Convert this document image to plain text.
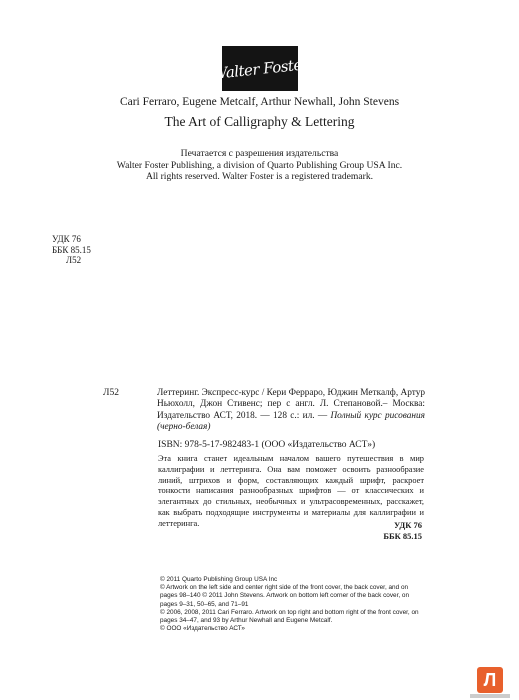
Walter Foster
Cari Ferraro, Eugene Metcalf, Arthur Newhall, John Stevens
The Art of Calligraphy & Lettering
Печатается с разрешения издательства
Walter Foster Publishing, a division of Quarto Publishing Group USA Inc.
All rights reserved. Walter Foster is a registered trademark.
УДК 76
ББК 85.15
Л52
Л52	Леттеринг. Экспресс-курс / Кери Ферраро, Юджин Меткалф, Артур Ньюхолл, Джон Стивенс; пер с англ. Л. Степановой.– Москва: Издательство АСТ, 2018. — 128 с.: ил. — Полный курс рисования (черно-белая)
ISBN: 978-5-17-982483-1 (ООО «Издательство АСТ»)
Эта книга станет идеальным началом вашего путешествия в мир каллиграфии и леттеринга. Она вам поможет освоить разнообразие линий, штрихов и форм, составляющих каждый шрифт, раскроет тонкости написания разнообразных шрифтов — от классических и элегантных до стильных, необычных и ультрасовременных, расскажет, как выбрать подходящие инструменты и материалы для каллиграфии и леттеринга.	УДК 76
ББК 85.15
© 2011 Quarto Publishing Group USA Inc
© Artwork on the left side and center right side of the front cover, the back cover, and on pages 98–140 © 2011 John Stevens. Artwork on bottom left corner of the back cover, on pages 9–31, 50–65, and 71–91
© 2006, 2008, 2011 Cari Ferraro. Artwork on top right and bottom right of the front cover, on pages 34–47, and 93 by Arthur Newhall and Eugene Metcalf.
© ООО «Издательство АСТ»
Л
